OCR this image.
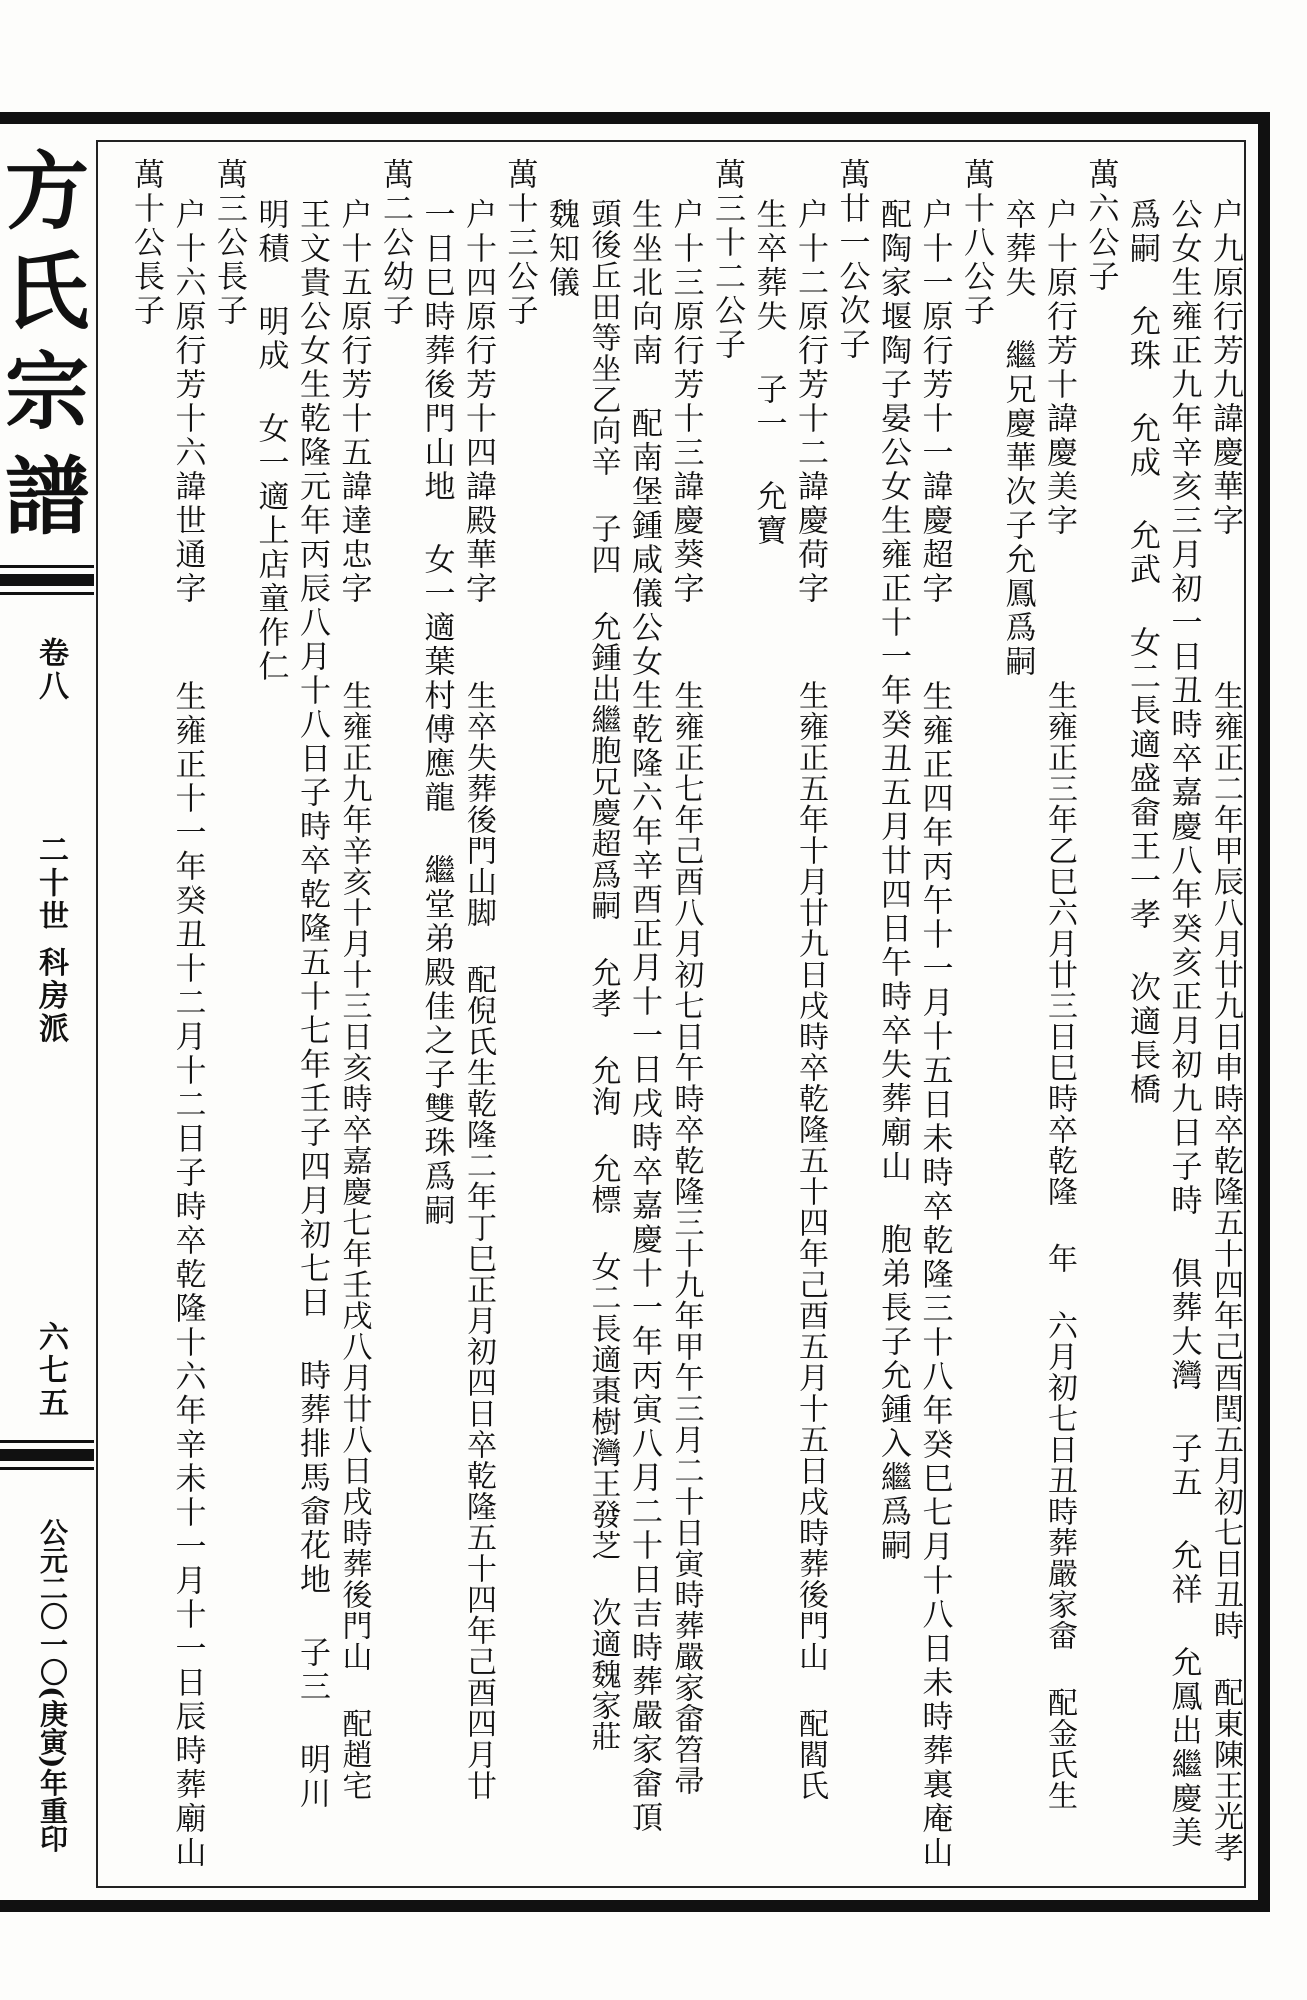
方
氏
宗
譜
卷八
二十世 科房派
六七五
公元二〇一〇(庚寅)年重印
户九原行芳九諱慶華字
生雍正二年甲辰八月廿九日申時卒乾隆五十四年己酉閏五月初七日丑時 配東陳王光孝
公女生雍正九年辛亥三月初一日丑時卒嘉慶八年癸亥正月初九日子時 俱葬大灣 子五 允祥 允鳳出繼慶美
爲嗣 允珠 允成 允武 女二長適盛畲王一孝 次適長橋
萬六公子
户十原行芳十諱慶美字
生雍正三年乙巳六月廿三日巳時卒乾隆 年 六月初七日丑時葬嚴家畲 配金氏生
卒葬失 繼兄慶華次子允鳳爲嗣
萬十八公子
户十一原行芳十一諱慶超字
生雍正四年丙午十一月十五日未時卒乾隆三十八年癸巳七月十八日未時葬裏庵山
配陶家堰陶子晏公女生雍正十一年癸丑五月廿四日午時卒失葬廟山 胞弟長子允鍾入繼爲嗣
萬廿一公次子
户十二原行芳十二諱慶荷字
生雍正五年十月廿九日戌時卒乾隆五十四年己酉五月十五日戌時葬後門山 配閻氏
生卒葬失 子一 允寶
萬三十二公子
户十三原行芳十三諱慶葵字
生雍正七年己酉八月初七日午時卒乾隆三十九年甲午三月二十日寅時葬嚴家畲笤帚
生坐北向南 配南堡鍾咸儀公女生乾隆六年辛酉正月十一日戌時卒嘉慶十一年丙寅八月二十日吉時葬嚴家畲頂
頭後丘田等坐乙向辛 子四 允鍾出繼胞兄慶超爲嗣 允孝 允洵 允標 女二長適棗樹灣王發芝 次適魏家莊
魏知儀
萬十三公子
户十四原行芳十四諱殿華字
生卒失葬後門山脚 配倪氏生乾隆二年丁巳正月初四日卒乾隆五十四年己酉四月廿
一日巳時葬後門山地 女一適葉村傅應龍 繼堂弟殿佳之子雙珠爲嗣
萬二公幼子
户十五原行芳十五諱達忠字
生雍正九年辛亥十月十三日亥時卒嘉慶七年壬戌八月廿八日戌時葬後門山 配趙宅
王文貴公女生乾隆元年丙辰八月十八日子時卒乾隆五十七年壬子四月初七日 時葬排馬畲花地 子三 明川
明積 明成 女一適上店童作仁
萬三公長子
户十六原行芳十六諱世通字
生雍正十一年癸丑十二月十二日子時卒乾隆十六年辛未十一月十一日辰時葬廟山
萬十公長子
